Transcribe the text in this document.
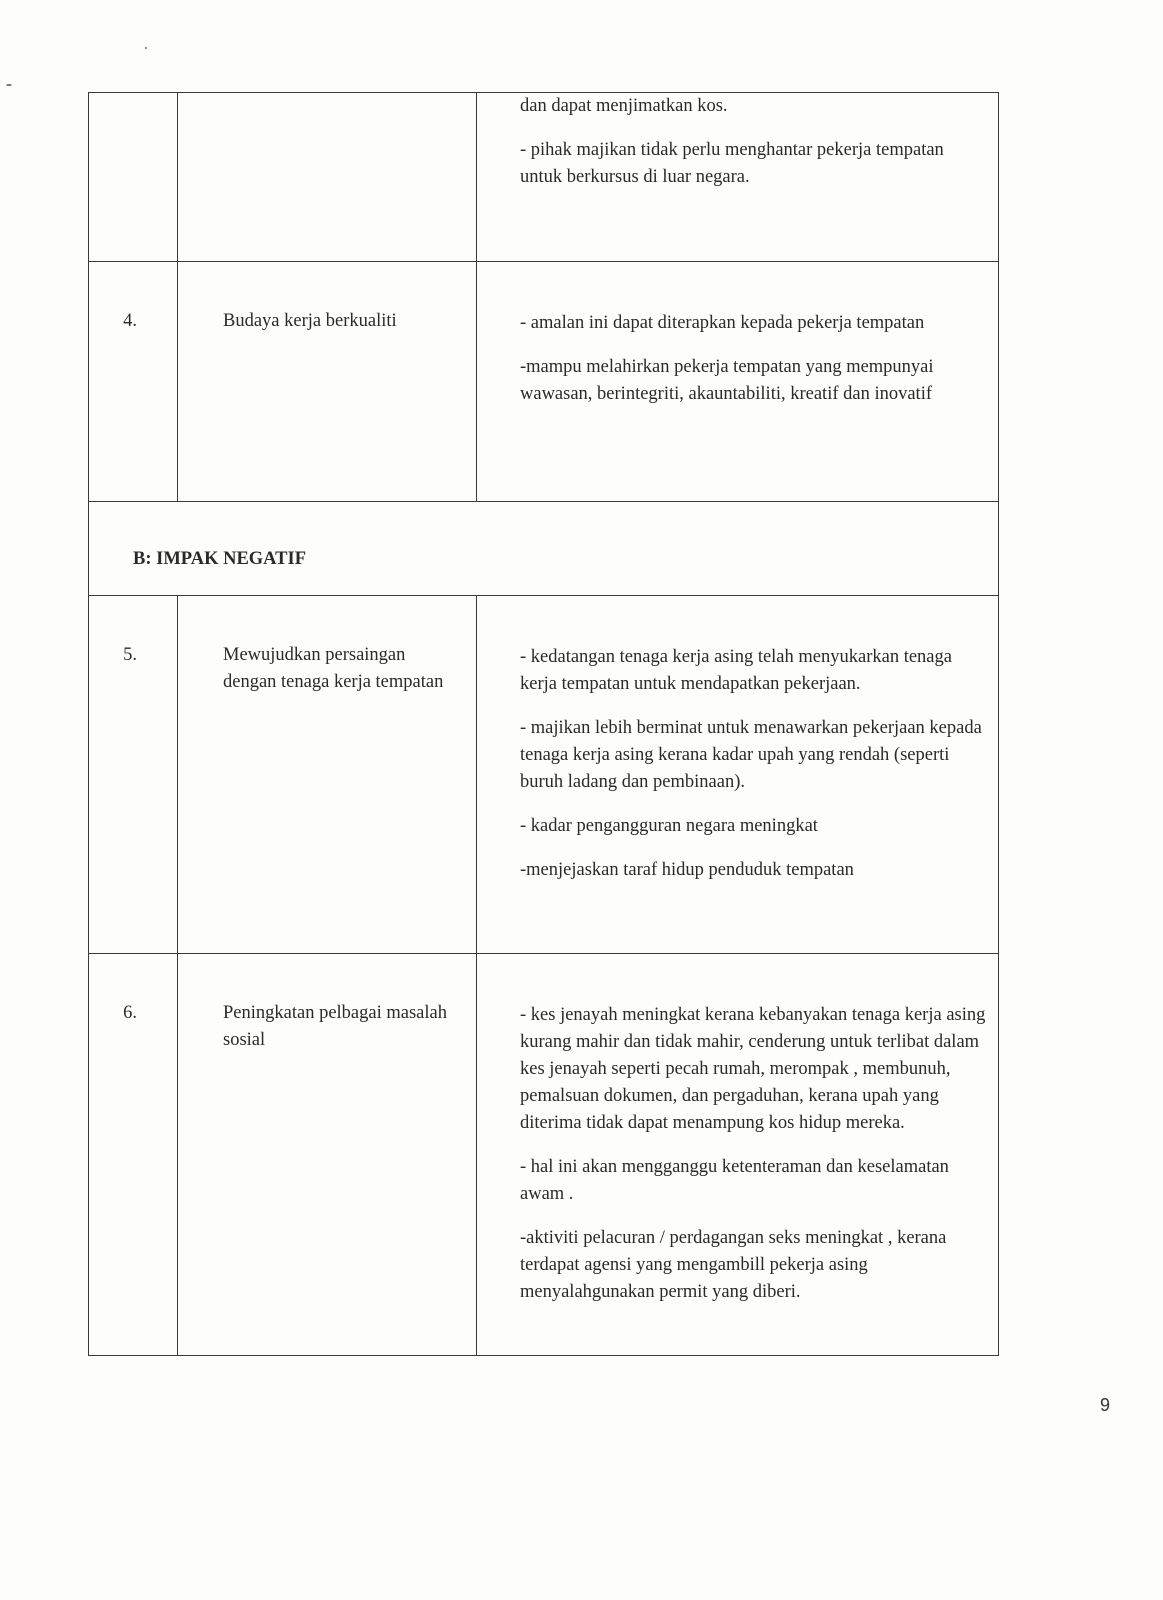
		dan dapat menjimatkan kos.

- pihak majikan tidak perlu menghantar pekerja tempatan untuk berkursus di luar negara.

4.	Budaya kerja berkualiti	- amalan ini dapat diterapkan kepada pekerja tempatan

-mampu melahirkan pekerja tempatan yang mempunyai wawasan, berintegriti, akauntabiliti, kreatif dan inovatif

B: IMPAK NEGATIF		
5.	Mewujudkan persaingan dengan tenaga kerja tempatan	- kedatangan tenaga kerja asing telah menyukarkan tenaga kerja tempatan untuk mendapatkan pekerjaan.

- majikan lebih berminat untuk menawarkan pekerjaan kepada tenaga kerja asing kerana kadar upah yang rendah (seperti buruh ladang dan pembinaan).

- kadar pengangguran negara meningkat

-menjejaskan taraf hidup penduduk tempatan

6.	Peningkatan pelbagai masalah sosial	- kes jenayah meningkat kerana kebanyakan tenaga kerja asing kurang mahir dan tidak mahir, cenderung untuk terlibat dalam kes jenayah seperti pecah rumah, merompak , membunuh, pemalsuan dokumen, dan pergaduhan, kerana upah yang diterima tidak dapat menampung kos hidup mereka.

- hal ini akan mengganggu ketenteraman dan keselamatan awam .

-aktiviti pelacuran / perdagangan seks meningkat , kerana terdapat agensi yang mengambill pekerja asing menyalahgunakan permit yang diberi.

9
